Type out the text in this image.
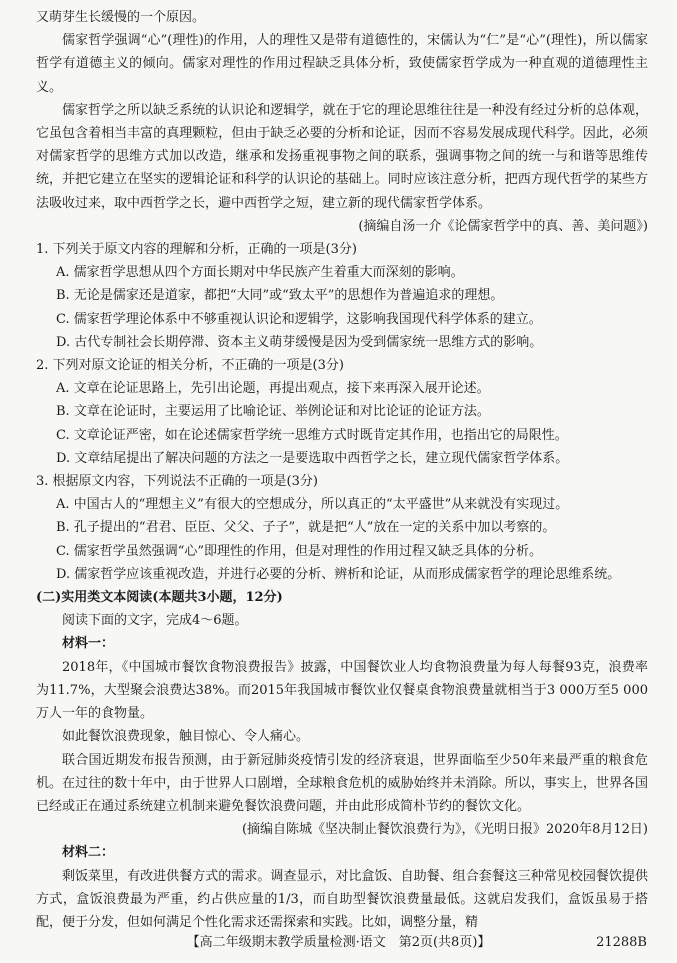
又萌芽生长缓慢的一个原因。

儒家哲学强调“心”(理性)的作用，人的理性又是带有道德性的，宋儒认为“仁”是“心”(理性)，所以儒家哲学有道德主义的倾向。儒家对理性的作用过程缺乏具体分析，致使儒家哲学成为一种直观的道德理性主义。

儒家哲学之所以缺乏系统的认识论和逻辑学，就在于它的理论思维往往是一种没有经过分析的总体观，它虽包含着相当丰富的真理颗粒，但由于缺乏必要的分析和论证，因而不容易发展成现代科学。因此，必须对儒家哲学的思维方式加以改造，继承和发扬重视事物之间的联系，强调事物之间的统一与和谐等思维传统，并把它建立在坚实的逻辑论证和科学的认识论的基础上。同时应该注意分析，把西方现代哲学的某些方法吸收过来，取中西哲学之长，避中西哲学之短，建立新的现代儒家哲学体系。

(摘编自汤一介《论儒家哲学中的真、善、美问题》)

1. 下列关于原文内容的理解和分析，正确的一项是(3分)

A. 儒家哲学思想从四个方面长期对中华民族产生着重大而深刻的影响。

B. 无论是儒家还是道家，都把“大同”或“致太平”的思想作为普遍追求的理想。

C. 儒家哲学理论体系中不够重视认识论和逻辑学，这影响我国现代科学体系的建立。

D. 古代专制社会长期停滞、资本主义萌芽缓慢是因为受到儒家统一思维方式的影响。

2. 下列对原文论证的相关分析，不正确的一项是(3分)

A. 文章在论证思路上，先引出论题，再提出观点，接下来再深入展开论述。

B. 文章在论证时，主要运用了比喻论证、举例论证和对比论证的论证方法。

C. 文章论证严密，如在论述儒家哲学统一思维方式时既肯定其作用，也指出它的局限性。

D. 文章结尾提出了解决问题的方法之一是要选取中西哲学之长，建立现代儒家哲学体系。

3. 根据原文内容，下列说法不正确的一项是(3分)

A. 中国古人的“理想主义”有很大的空想成分，所以真正的“太平盛世”从来就没有实现过。

B. 孔子提出的“君君、臣臣、父父、子子”，就是把“人”放在一定的关系中加以考察的。

C. 儒家哲学虽然强调“心”即理性的作用，但是对理性的作用过程又缺乏具体的分析。

D. 儒家哲学应该重视改造，并进行必要的分析、辨析和论证，从而形成儒家哲学的理论思维系统。

(二)实用类文本阅读(本题共3小题，12分)

阅读下面的文字，完成4～6题。

材料一：

2018年，《中国城市餐饮食物浪费报告》披露，中国餐饮业人均食物浪费量为每人每餐93克，浪费率为11.7%，大型聚会浪费达38%。而2015年我国城市餐饮业仅餐桌食物浪费量就相当于3 000万至5 000万人一年的食物量。

如此餐饮浪费现象，触目惊心、令人痛心。

联合国近期发布报告预测，由于新冠肺炎疫情引发的经济衰退，世界面临至少50年来最严重的粮食危机。在过往的数十年中，由于世界人口剧增，全球粮食危机的威胁始终并未消除。所以，事实上，世界各国已经或正在通过系统建立机制来避免餐饮浪费问题，并由此形成简朴节约的餐饮文化。

(摘编自陈城《坚决制止餐饮浪费行为》，《光明日报》2020年8月12日)

材料二：

剩饭菜里，有改进供餐方式的需求。调查显示，对比盒饭、自助餐、组合套餐这三种常见校园餐饮提供方式，盒饭浪费最为严重，约占供应量的1/3，而自助型餐饮浪费量最低。这就启发我们，盒饭虽易于搭配，便于分发，但如何满足个性化需求还需探索和实践。比如，调整分量，精

【高二年级期末教学质量检测·语文　第2页(共8页)】	21288B
